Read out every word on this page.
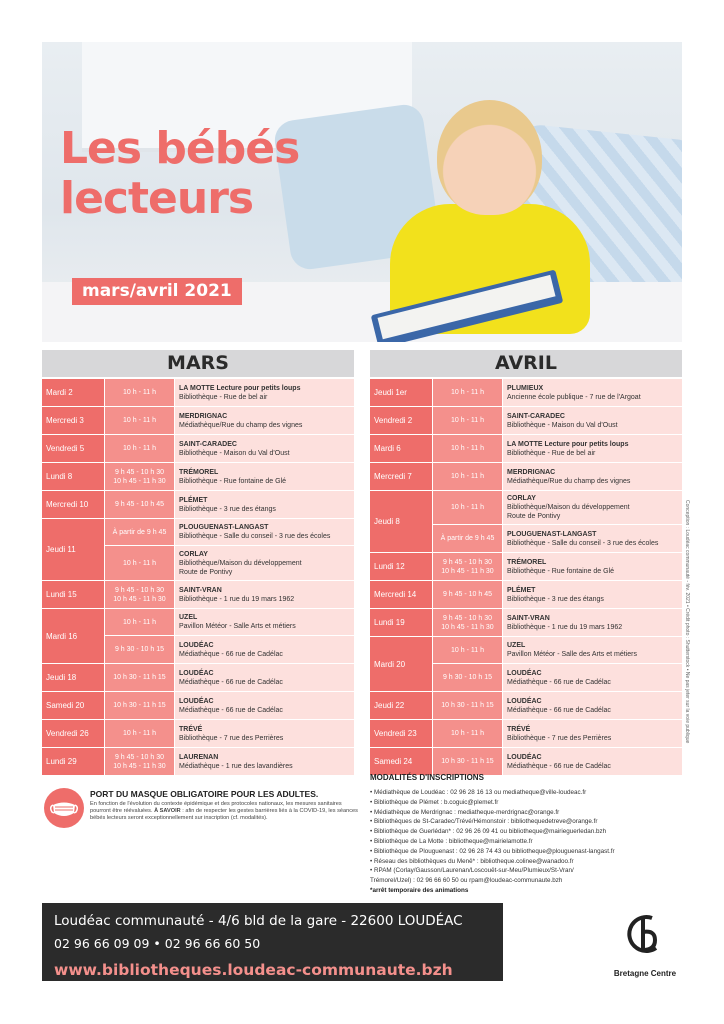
Les bébés
lecteurs
mars/avril 2021
MARS
Mardi 2	10 h - 11 h
LA MOTTE Lecture pour petits loups
Bibliothèque - Rue de bel air
Mercredi 3	10 h - 11 h
MERDRIGNAC
Médiathèque/Rue du champ des vignes
Vendredi 5	10 h - 11 h
SAINT-CARADEC
Bibliothèque - Maison du Val d'Oust
Lundi 8	9 h 45 - 10 h 30
10 h 45 - 11 h 30
TRÉMOREL
Bibliothèque - Rue fontaine de Glé
Mercredi 10	9 h 45 - 10 h 45
PLÉMET
Bibliothèque - 3 rue des étangs
Jeudi 11
À partir de 9 h 45
PLOUGUENAST-LANGAST
Bibliothèque - Salle du conseil - 3 rue des écoles
10 h - 11 h
CORLAY
Bibliothèque/Maison du développement
Route de Pontivy
Lundi 15	9 h 45 - 10 h 30
10 h 45 - 11 h 30
SAINT-VRAN
Bibliothèque - 1 rue du 19 mars 1962
Mardi 16
10 h - 11 h
UZEL
Pavillon Météor - Salle Arts et métiers
9 h 30 - 10 h 15
LOUDÉAC
Médiathèque - 66 rue de Cadélac
Jeudi 18	10 h 30 - 11 h 15
LOUDÉAC
Médiathèque - 66 rue de Cadélac
Samedi 20	10 h 30 - 11 h 15
LOUDÉAC
Médiathèque - 66 rue de Cadélac
Vendredi 26	10 h - 11 h
TRÉVÉ
Bibliothèque - 7 rue des Perrières
Lundi 29	9 h 45 - 10 h 30
10 h 45 - 11 h 30
LAURENAN
Médiathèque - 1 rue des lavandières
AVRIL
Jeudi 1er	10 h - 11 h
PLUMIEUX
Ancienne école publique - 7 rue de l'Argoat
Vendredi 2	10 h - 11 h
SAINT-CARADEC
Bibliothèque - Maison du Val d'Oust
Mardi 6	10 h - 11 h
LA MOTTE Lecture pour petits loups
Bibliothèque - Rue de bel air
Mercredi 7	10 h - 11 h
MERDRIGNAC
Médiathèque/Rue du champ des vignes
Jeudi 8
10 h - 11 h
CORLAY
Bibliothèque/Maison du développement
Route de Pontivy
À partir de 9 h 45
PLOUGUENAST-LANGAST
Bibliothèque - Salle du conseil - 3 rue des écoles
Lundi 12	9 h 45 - 10 h 30
10 h 45 - 11 h 30
TRÉMOREL
Bibliothèque - Rue fontaine de Glé
Mercredi 14	9 h 45 - 10 h 45
PLÉMET
Bibliothèque - 3 rue des étangs
Lundi 19	9 h 45 - 10 h 30
10 h 45 - 11 h 30
SAINT-VRAN
Bibliothèque - 1 rue du 19 mars 1962
Mardi 20
10 h - 11 h
UZEL
Pavillon Météor - Salle des Arts et métiers
9 h 30 - 10 h 15
LOUDÉAC
Médiathèque - 66 rue de Cadélac
Jeudi 22	10 h 30 - 11 h 15
LOUDÉAC
Médiathèque - 66 rue de Cadélac
Vendredi 23	10 h - 11 h
TRÉVÉ
Bibliothèque - 7 rue des Perrières
Samedi 24	10 h 30 - 11 h 15
LOUDÉAC
Médiathèque - 66 rue de Cadélac
Conception : Loudéac communauté - fév. 2021 • Crédit photo : Shutterstock • Ne pas jeter sur la voie publique
PORT DU MASQUE OBLIGATOIRE POUR LES ADULTES.
En fonction de l'évolution du contexte épidémique et des protocoles nationaux, les mesures sanitaires pourront être réévaluées. À SAVOIR : afin de respecter les gestes barrières liés à la COVID-19, les séances bébés lecteurs seront exceptionnellement sur inscription (cf. modalités).
MODALITÉS D'INSCRIPTIONS
• Médiathèque de Loudéac : 02 96 28 16 13 ou mediatheque@ville-loudeac.fr
• Bibliothèque de Plémet : b.coguic@plemet.fr
• Médiathèque de Merdrignac : mediatheque-merdrignac@orange.fr
• Bibliothèques de St-Caradec/Trévé/Hémonstoir : bibliothequedetreve@orange.fr
• Bibliothèque de Guerlédan* : 02 96 26 09 41 ou bibliotheque@mairieguerledan.bzh
• Bibliothèque de La Motte : bibliotheque@mairielamotte.fr
• Bibliothèque de Plouguenast : 02 96 28 74 43 ou bibliotheque@plouguenast-langast.fr
• Réseau des bibliothèques du Menê* : bibliotheque.colinee@wanadoo.fr
• RPAM (Corlay/Gausson/Laurenan/Loscouët-sur-Meu/Plumieux/St-Vran/
Trémorel/Uzel) : 02 96 66 60 50 ou rpam@loudeac-communaute.bzh
*arrêt temporaire des animations
Loudéac communauté - 4/6 bld de la gare - 22600 LOUDÉAC
02 96 66 09 09 • 02 96 66 60 50
www.bibliotheques.loudeac-communaute.bzh	Bretagne Centre
